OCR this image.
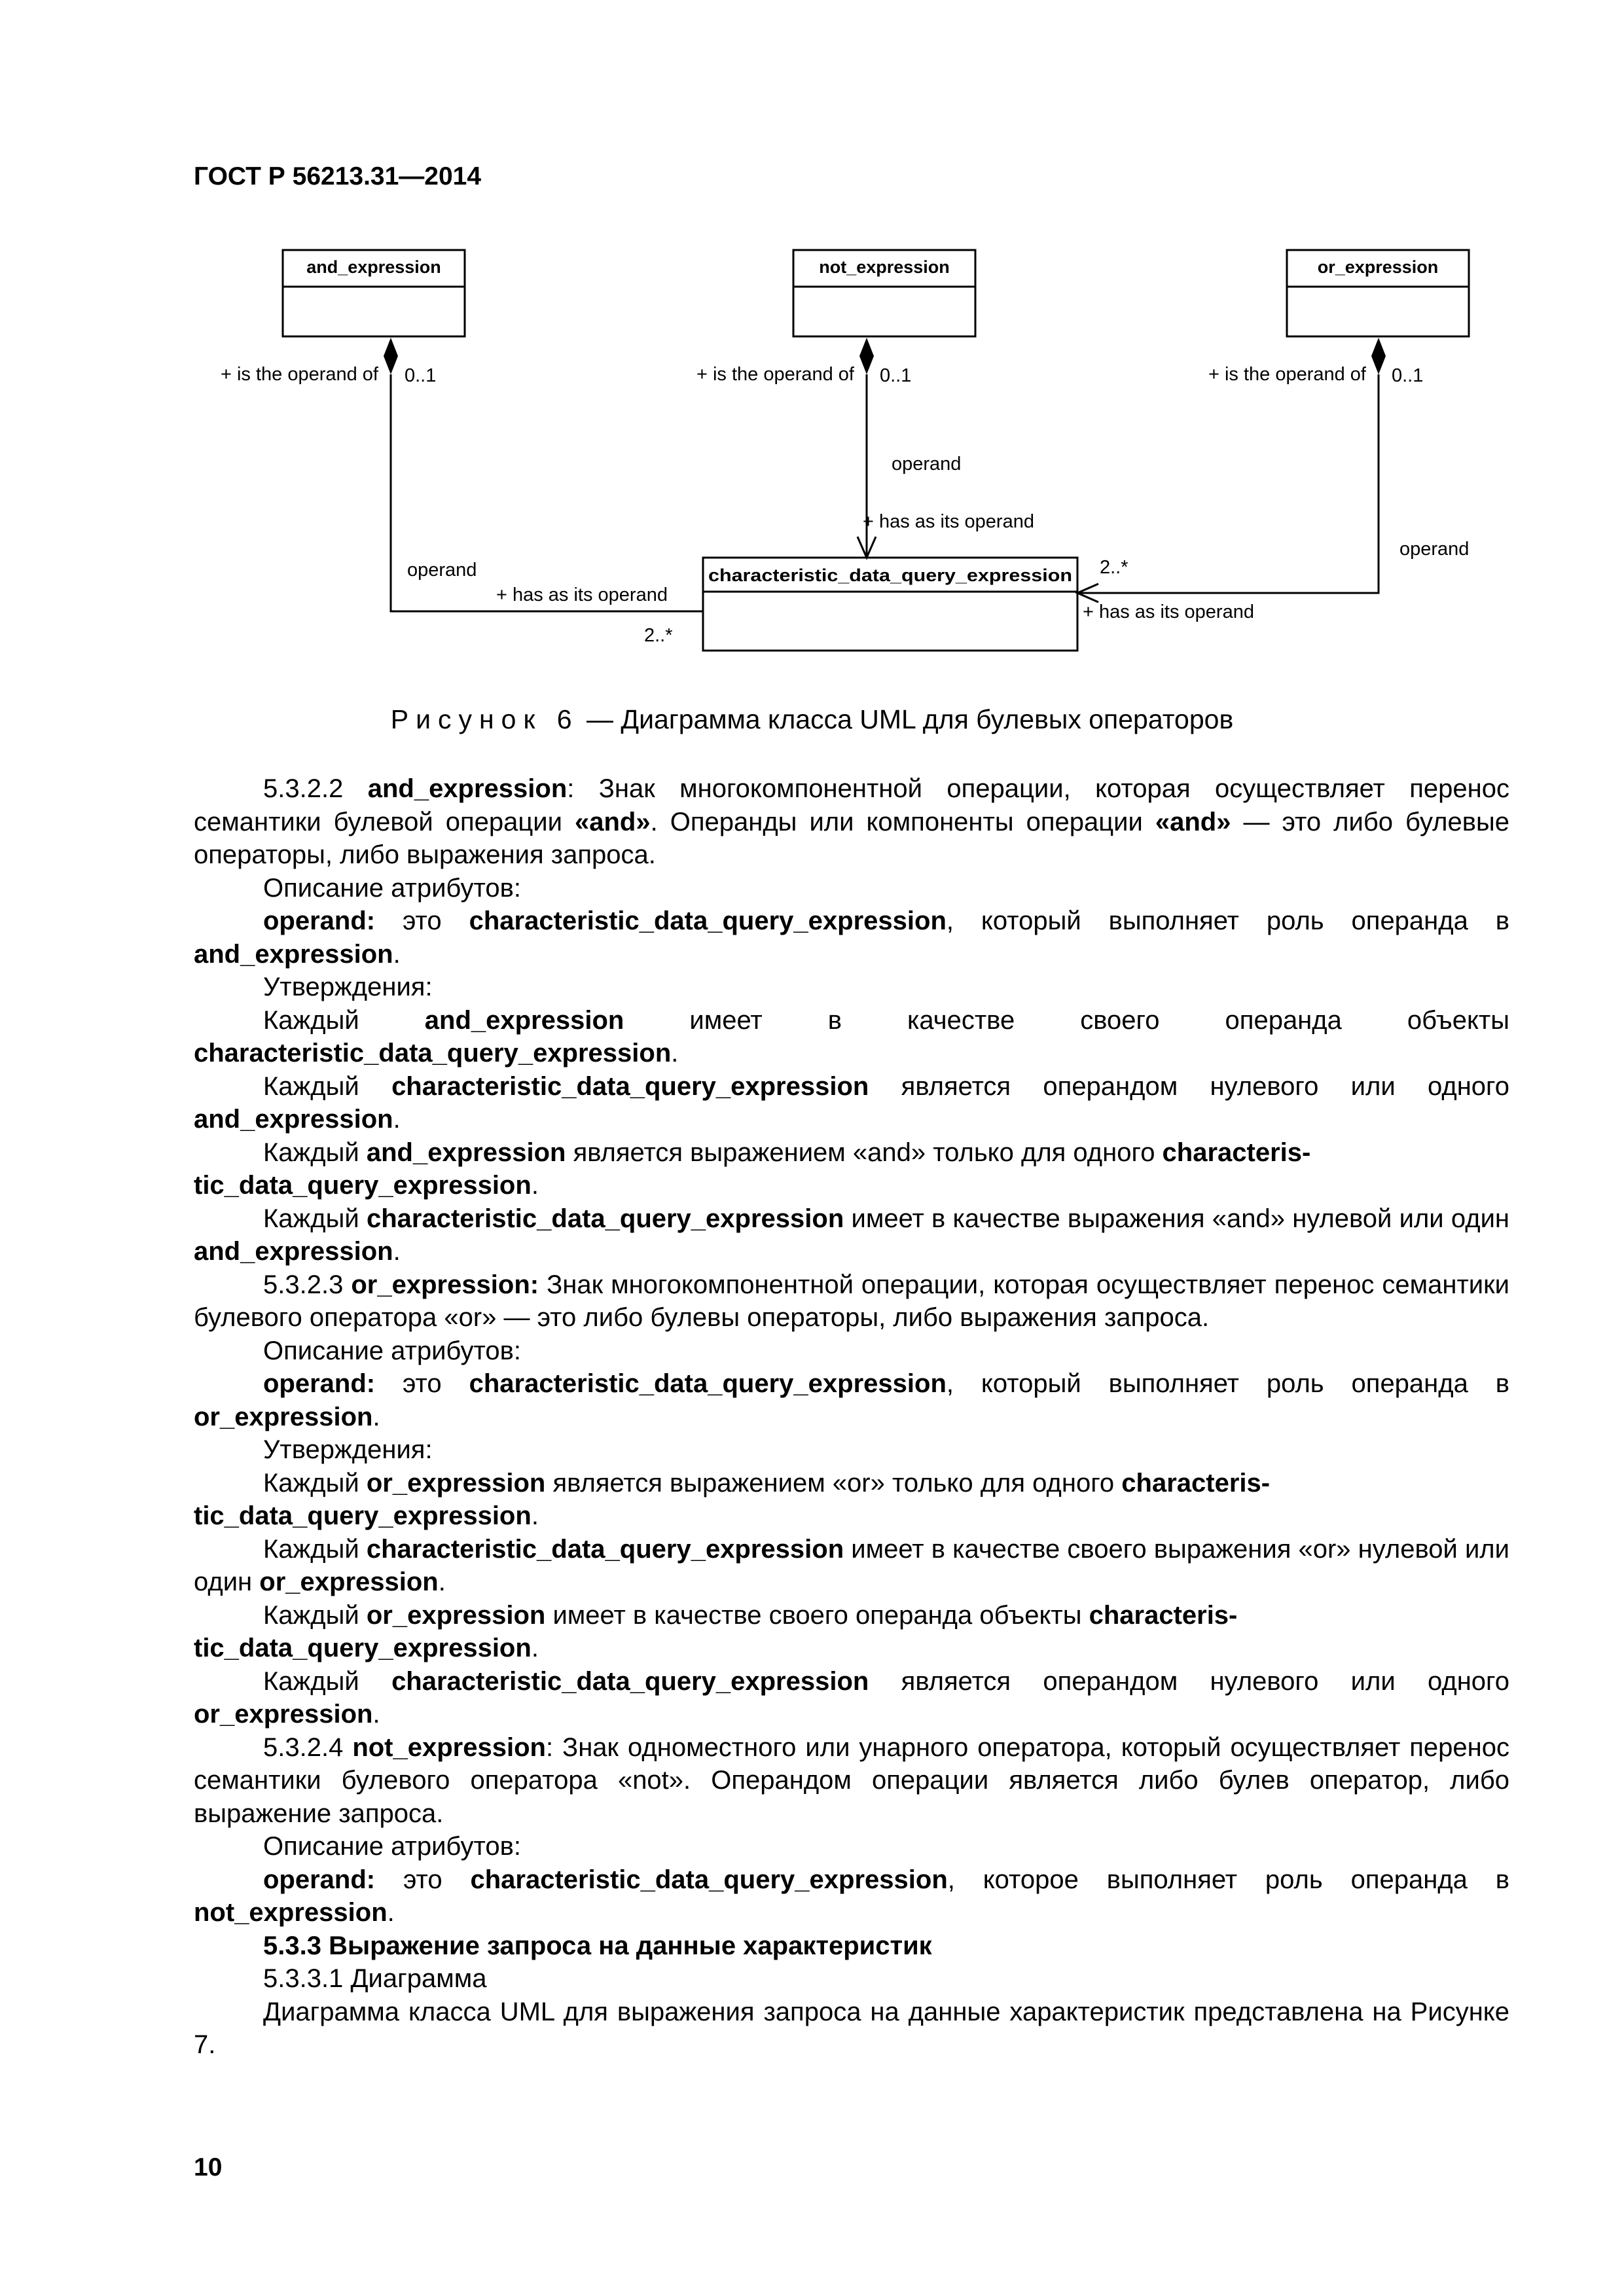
ГОСТ Р 56213.31—2014
and_expression	not_expression	or_expression
characteristic_data_query_expression
+ is the operand of 0..1	+ is the operand of 0..1	+ is the operand of 0..1
operand
+ has as its operand
operand
+ has as its operand
2..*
operand
2..*
+ has as its operand
Рисунок 6 — Диаграмма класса UML для булевых операторов

5.3.2.2 and_expression: Знак многокомпонентной операции, которая осуществляет перенос семантики булевой операции «and». Операнды или компоненты операции «and» — это либо булевые операторы, либо выражения запроса.

Описание атрибутов:

operand: это characteristic_data_query_expression, который выполняет роль операнда в and_expression.

Утверждения:

Каждый	and_expression имеет в качестве своего операнда объекты characteristic_data_query_expression.

Каждый characteristic_data_query_expression является операндом нулевого или одного and_expression.

Каждый and_expression является выражением «and» только для одного characteris-
tic_data_query_expression.

Каждый characteristic_data_query_expression имеет в качестве выражения «and» нулевой или один and_expression.

5.3.2.3 or_expression: Знак многокомпонентной операции, которая осуществляет перенос семантики булевого оператора «or» — это либо булевы операторы, либо выражения запроса.

Описание атрибутов:

operand: это characteristic_data_query_expression, который выполняет роль операнда в or_expression.

Утверждения:

Каждый or_expression является выражением «or» только для одного characteris-
tic_data_query_expression.

Каждый characteristic_data_query_expression имеет в качестве своего выражения «or» нулевой или один or_expression.

Каждый or_expression имеет в качестве своего операнда объекты characteris-
tic_data_query_expression.

Каждый characteristic_data_query_expression является операндом нулевого или одного or_expression.

5.3.2.4 not_expression: Знак одноместного или унарного оператора, который осуществляет перенос семантики булевого оператора «not». Операндом операции является либо булев оператор, либо выражение запроса.

Описание атрибутов:

operand: это characteristic_data_query_expression, которое выполняет роль операнда в not_expression.

5.3.3 Выражение запроса на данные характеристик

5.3.3.1 Диаграмма

Диаграмма класса UML для выражения запроса на данные характеристик представлена на Рисунке 7.

10
